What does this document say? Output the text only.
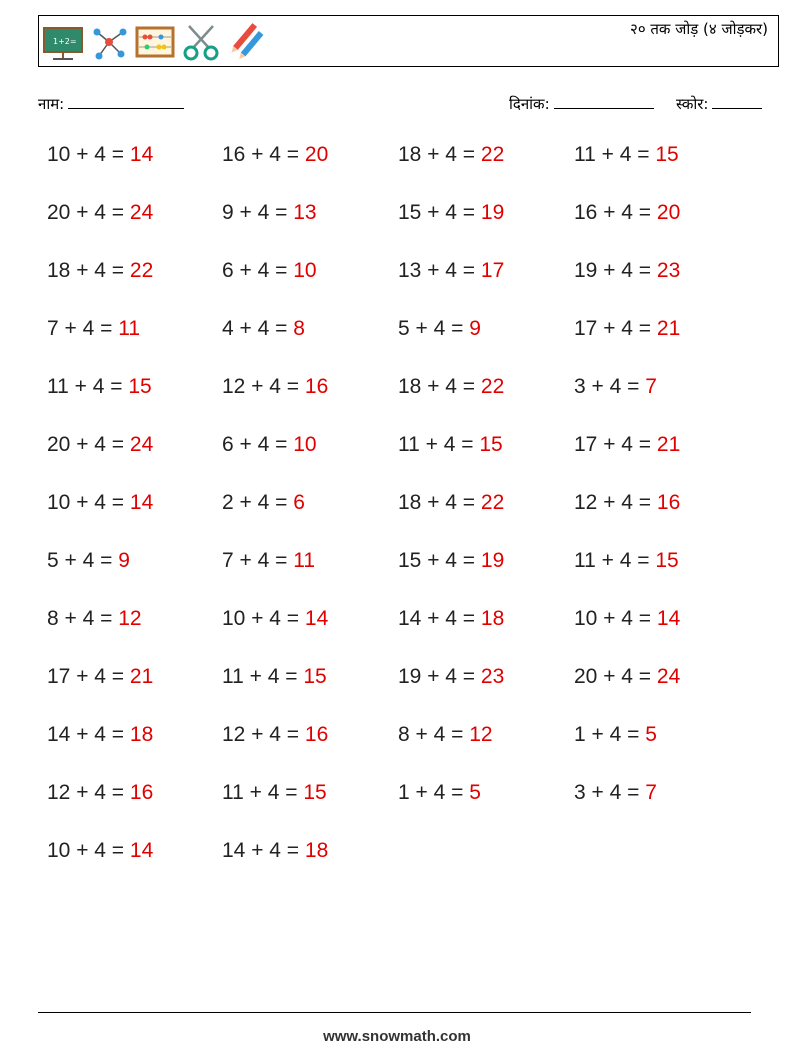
1+2=
२० तक जोड़ (४ जोड़कर)
नाम:	दिनांक:	स्कोर:
10 + 4 = 14	16 + 4 = 20	18 + 4 = 22	11 + 4 = 15
20 + 4 = 24	9 + 4 = 13	15 + 4 = 19	16 + 4 = 20
18 + 4 = 22	6 + 4 = 10	13 + 4 = 17	19 + 4 = 23
7 + 4 = 11	4 + 4 = 8	5 + 4 = 9	17 + 4 = 21
11 + 4 = 15	12 + 4 = 16	18 + 4 = 22	3 + 4 = 7
20 + 4 = 24	6 + 4 = 10	11 + 4 = 15	17 + 4 = 21
10 + 4 = 14	2 + 4 = 6	18 + 4 = 22	12 + 4 = 16
5 + 4 = 9	7 + 4 = 11	15 + 4 = 19	11 + 4 = 15
8 + 4 = 12	10 + 4 = 14	14 + 4 = 18	10 + 4 = 14
17 + 4 = 21	11 + 4 = 15	19 + 4 = 23	20 + 4 = 24
14 + 4 = 18	12 + 4 = 16	8 + 4 = 12	1 + 4 = 5
12 + 4 = 16	11 + 4 = 15	1 + 4 = 5	3 + 4 = 7
10 + 4 = 14	14 + 4 = 18
www.snowmath.com
